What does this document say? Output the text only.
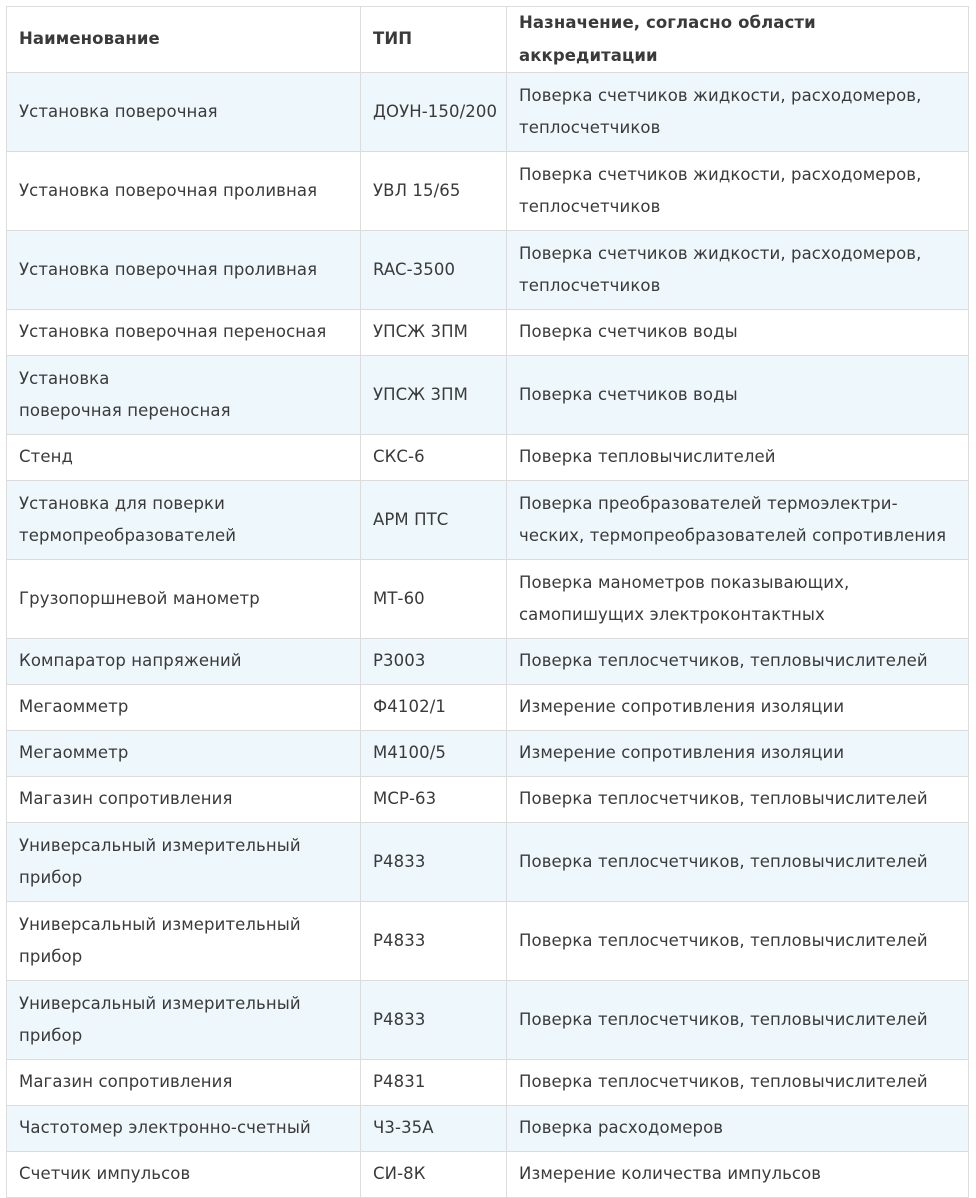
Наименование	ТИП	Назначение, согласно области аккредитации

Установка поверочная	ДОУН-150/200	Поверка счетчиков жидкости, расходомеров,
теплосчетчиков

Установка поверочная проливная	УВЛ 15/65	Поверка счетчиков жидкости, расходомеров,
теплосчетчиков

Установка поверочная проливная	RAC-3500	Поверка счетчиков жидкости, расходомеров,
теплосчетчиков

Установка поверочная переносная	УПСЖ 3ПМ	Поверка счетчиков воды

Установка
поверочная переносная	УПСЖ 3ПМ	Поверка счетчиков воды

Стенд	СКС-6	Поверка тепловычислителей

Установка для поверки
термопреобразователей	АРМ ПТС	Поверка преобразователей термоэлектри-
ческих, термопреобразователей сопротивления

Грузопоршневой манометр	МТ-60	Поверка манометров показывающих,
самопишущих электроконтактных

Компаратор напряжений	Р3003	Поверка теплосчетчиков, тепловычислителей

Мегаомметр	Ф4102/1	Измерение сопротивления изоляции

Мегаомметр	М4100/5	Измерение сопротивления изоляции

Магазин сопротивления	МСР-63	Поверка теплосчетчиков, тепловычислителей

Универсальный измерительный
прибор	Р4833	Поверка теплосчетчиков, тепловычислителей

Универсальный измерительный
прибор	Р4833	Поверка теплосчетчиков, тепловычислителей

Универсальный измерительный
прибор	Р4833	Поверка теплосчетчиков, тепловычислителей

Магазин сопротивления	Р4831	Поверка теплосчетчиков, тепловычислителей

Частотомер электронно-счетный	Ч3-35А	Поверка расходомеров

Счетчик импульсов	СИ-8К	Измерение количества импульсов
